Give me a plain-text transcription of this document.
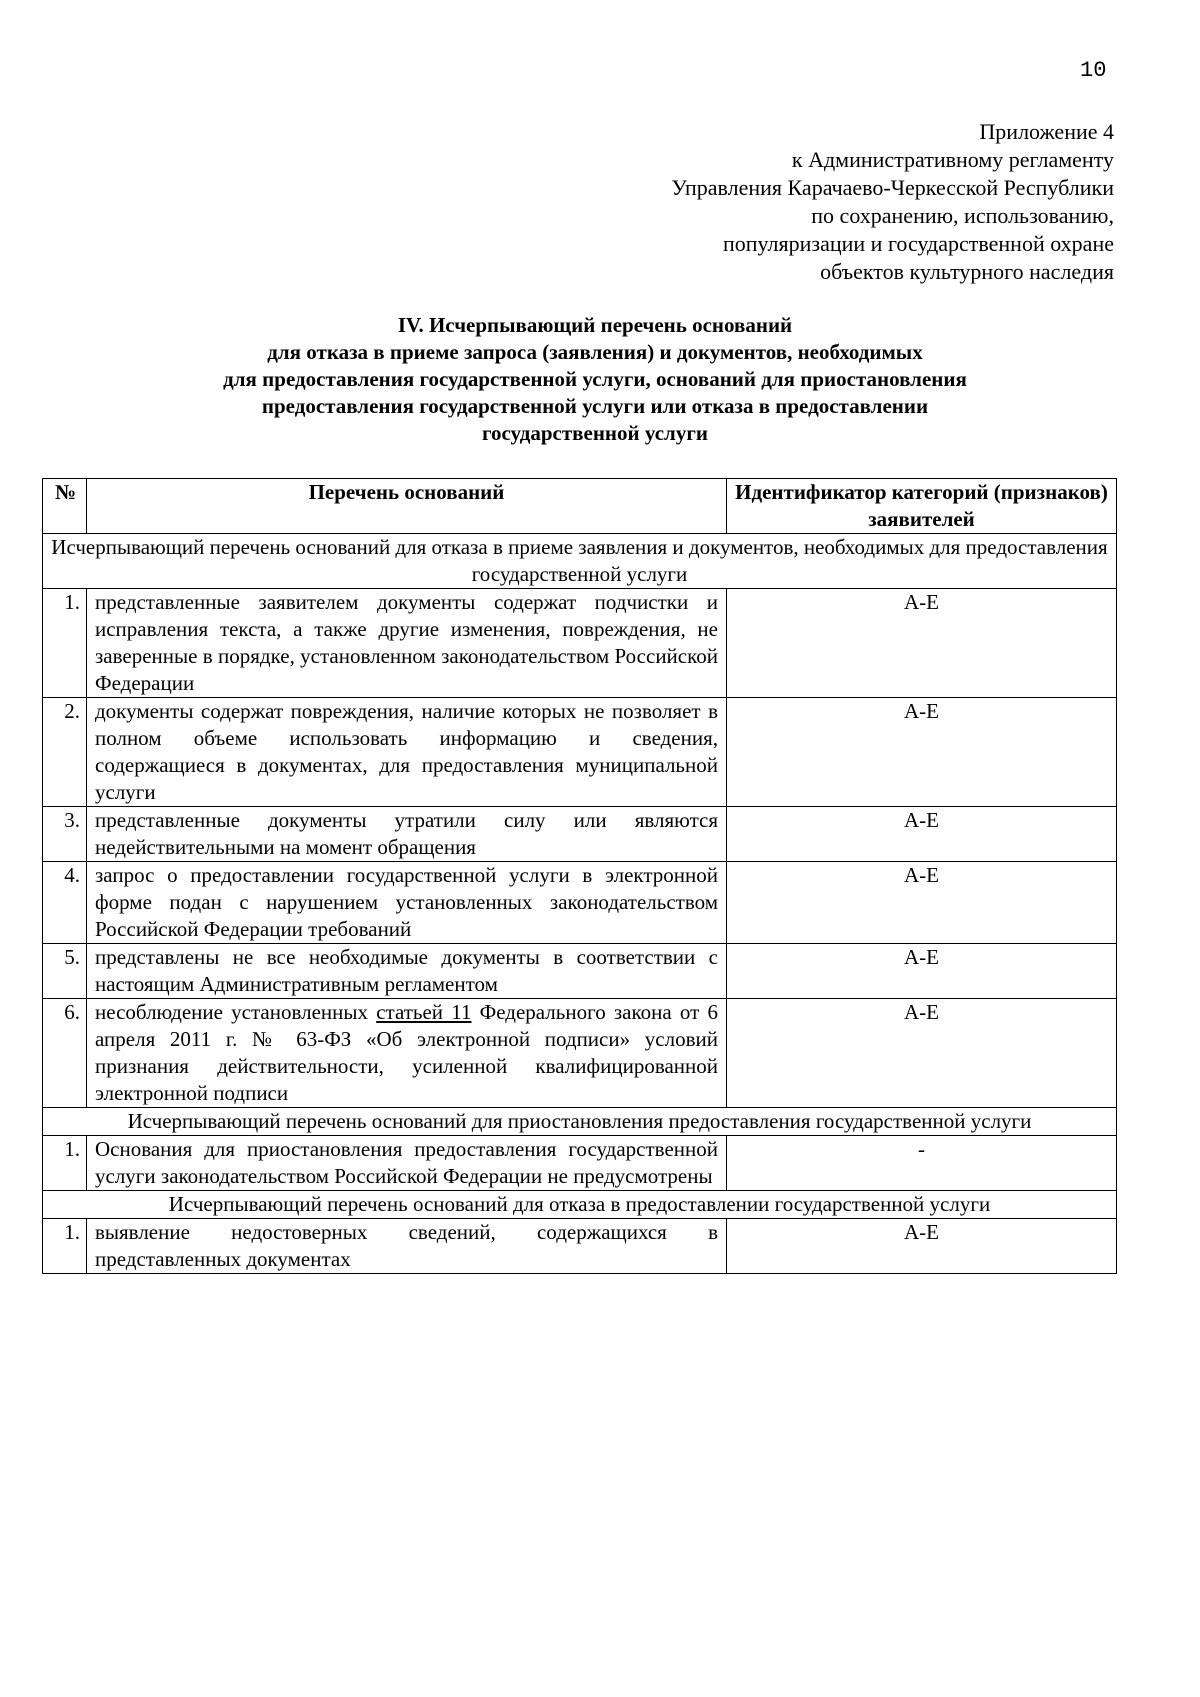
10
Приложение 4
к Административному регламенту
Управления Карачаево-Черкесской Республики
по сохранению, использованию,
популяризации и государственной охране
объектов культурного наследия
IV. Исчерпывающий перечень оснований
для отказа в приеме запроса (заявления) и документов, необходимых
для предоставления государственной услуги, оснований для приостановления
предоставления государственной услуги или отказа в предоставлении
государственной услуги
№	Перечень оснований	Идентификатор категорий (признаков) заявителей
Исчерпывающий перечень оснований для отказа в приеме заявления и документов, необходимых для предоставления государственной услуги		
1.	представленные заявителем документы содержат подчистки и исправления текста, а также другие изменения, повреждения, не заверенные в порядке, установленном законодательством Российской Федерации	А-Е
2.	документы содержат повреждения, наличие которых не позволяет в полном объеме использовать информацию и сведения, содержащиеся в документах, для предоставления муниципальной услуги	А-Е
3.	представленные документы утратили силу или являются недействительными на момент обращения	А-Е
4.	запрос о предоставлении государственной услуги в электронной форме подан с нарушением установленных законодательством Российской Федерации требований	А-Е
5.	представлены не все необходимые документы в соответствии с настоящим Административным регламентом	А-Е
6.	несоблюдение установленных статьей 11 Федерального закона от 6 апреля 2011 г. № 63-ФЗ «Об электронной подписи» условий признания действительности, усиленной квалифицированной электронной подписи	А-Е
Исчерпывающий перечень оснований для приостановления предоставления государственной услуги		
1.	Основания для приостановления предоставления государственной услуги законодательством Российской Федерации не предусмотрены	-
Исчерпывающий перечень оснований для отказа в предоставлении государственной услуги		
1.	выявление недостоверных сведений, содержащихся в представленных документах	А-Е
